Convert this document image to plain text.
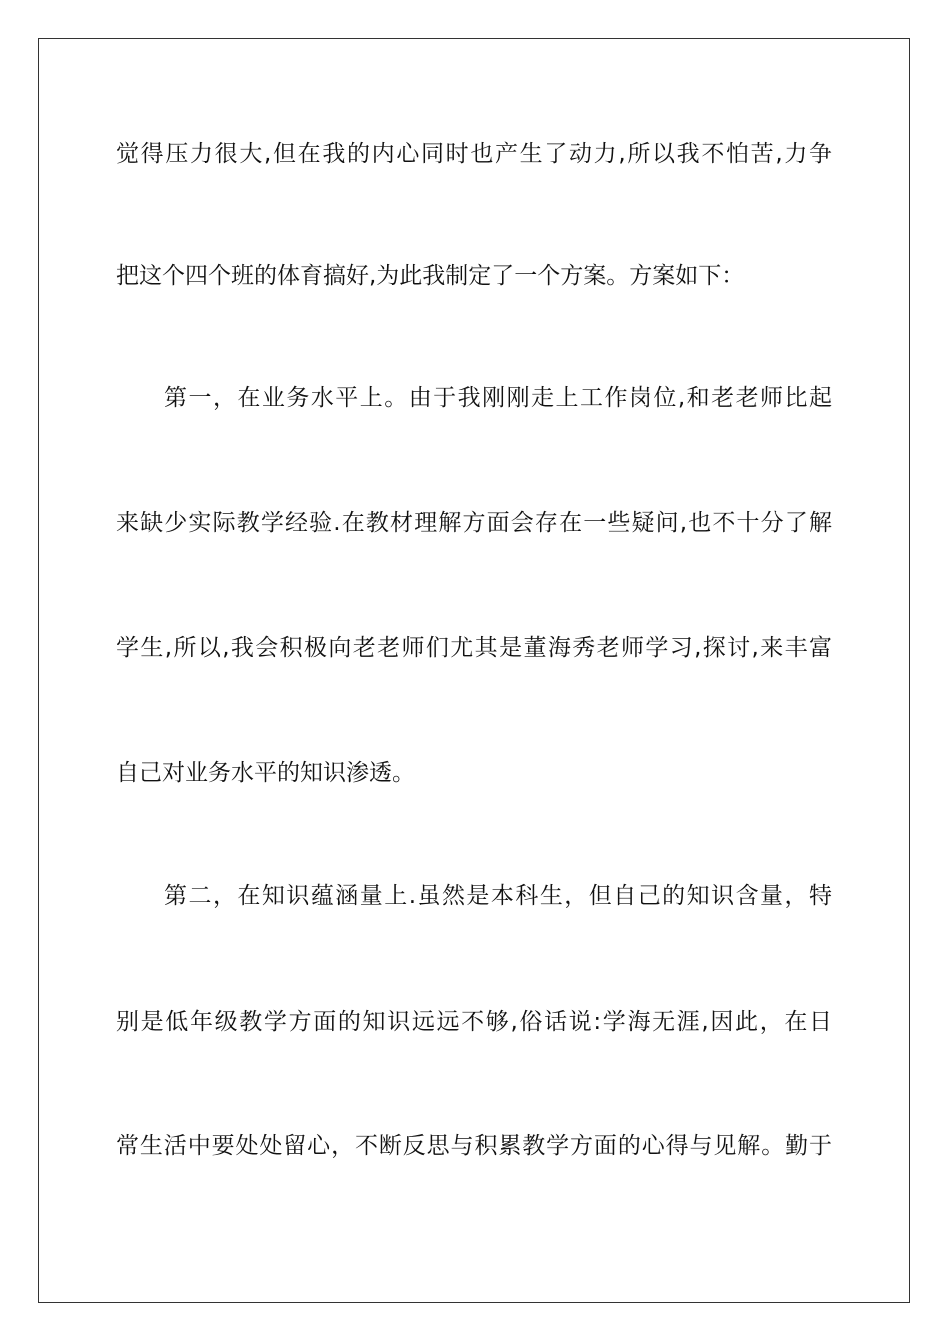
觉得压力很大,但在我的内心同时也产生了动力,所以我不怕苦,力争
把这个四个班的体育搞好,为此我制定了一个方案。方案如下：
第一，在业务水平上。由于我刚刚走上工作岗位,和老老师比起
来缺少实际教学经验.在教材理解方面会存在一些疑问,也不十分了解
学生,所以,我会积极向老老师们尤其是董海秀老师学习,探讨,来丰富
自己对业务水平的知识渗透。
第二，在知识蕴涵量上.虽然是本科生，但自己的知识含量，特
别是低年级教学方面的知识远远不够,俗话说:学海无涯,因此，在日
常生活中要处处留心，不断反思与积累教学方面的心得与见解。勤于
